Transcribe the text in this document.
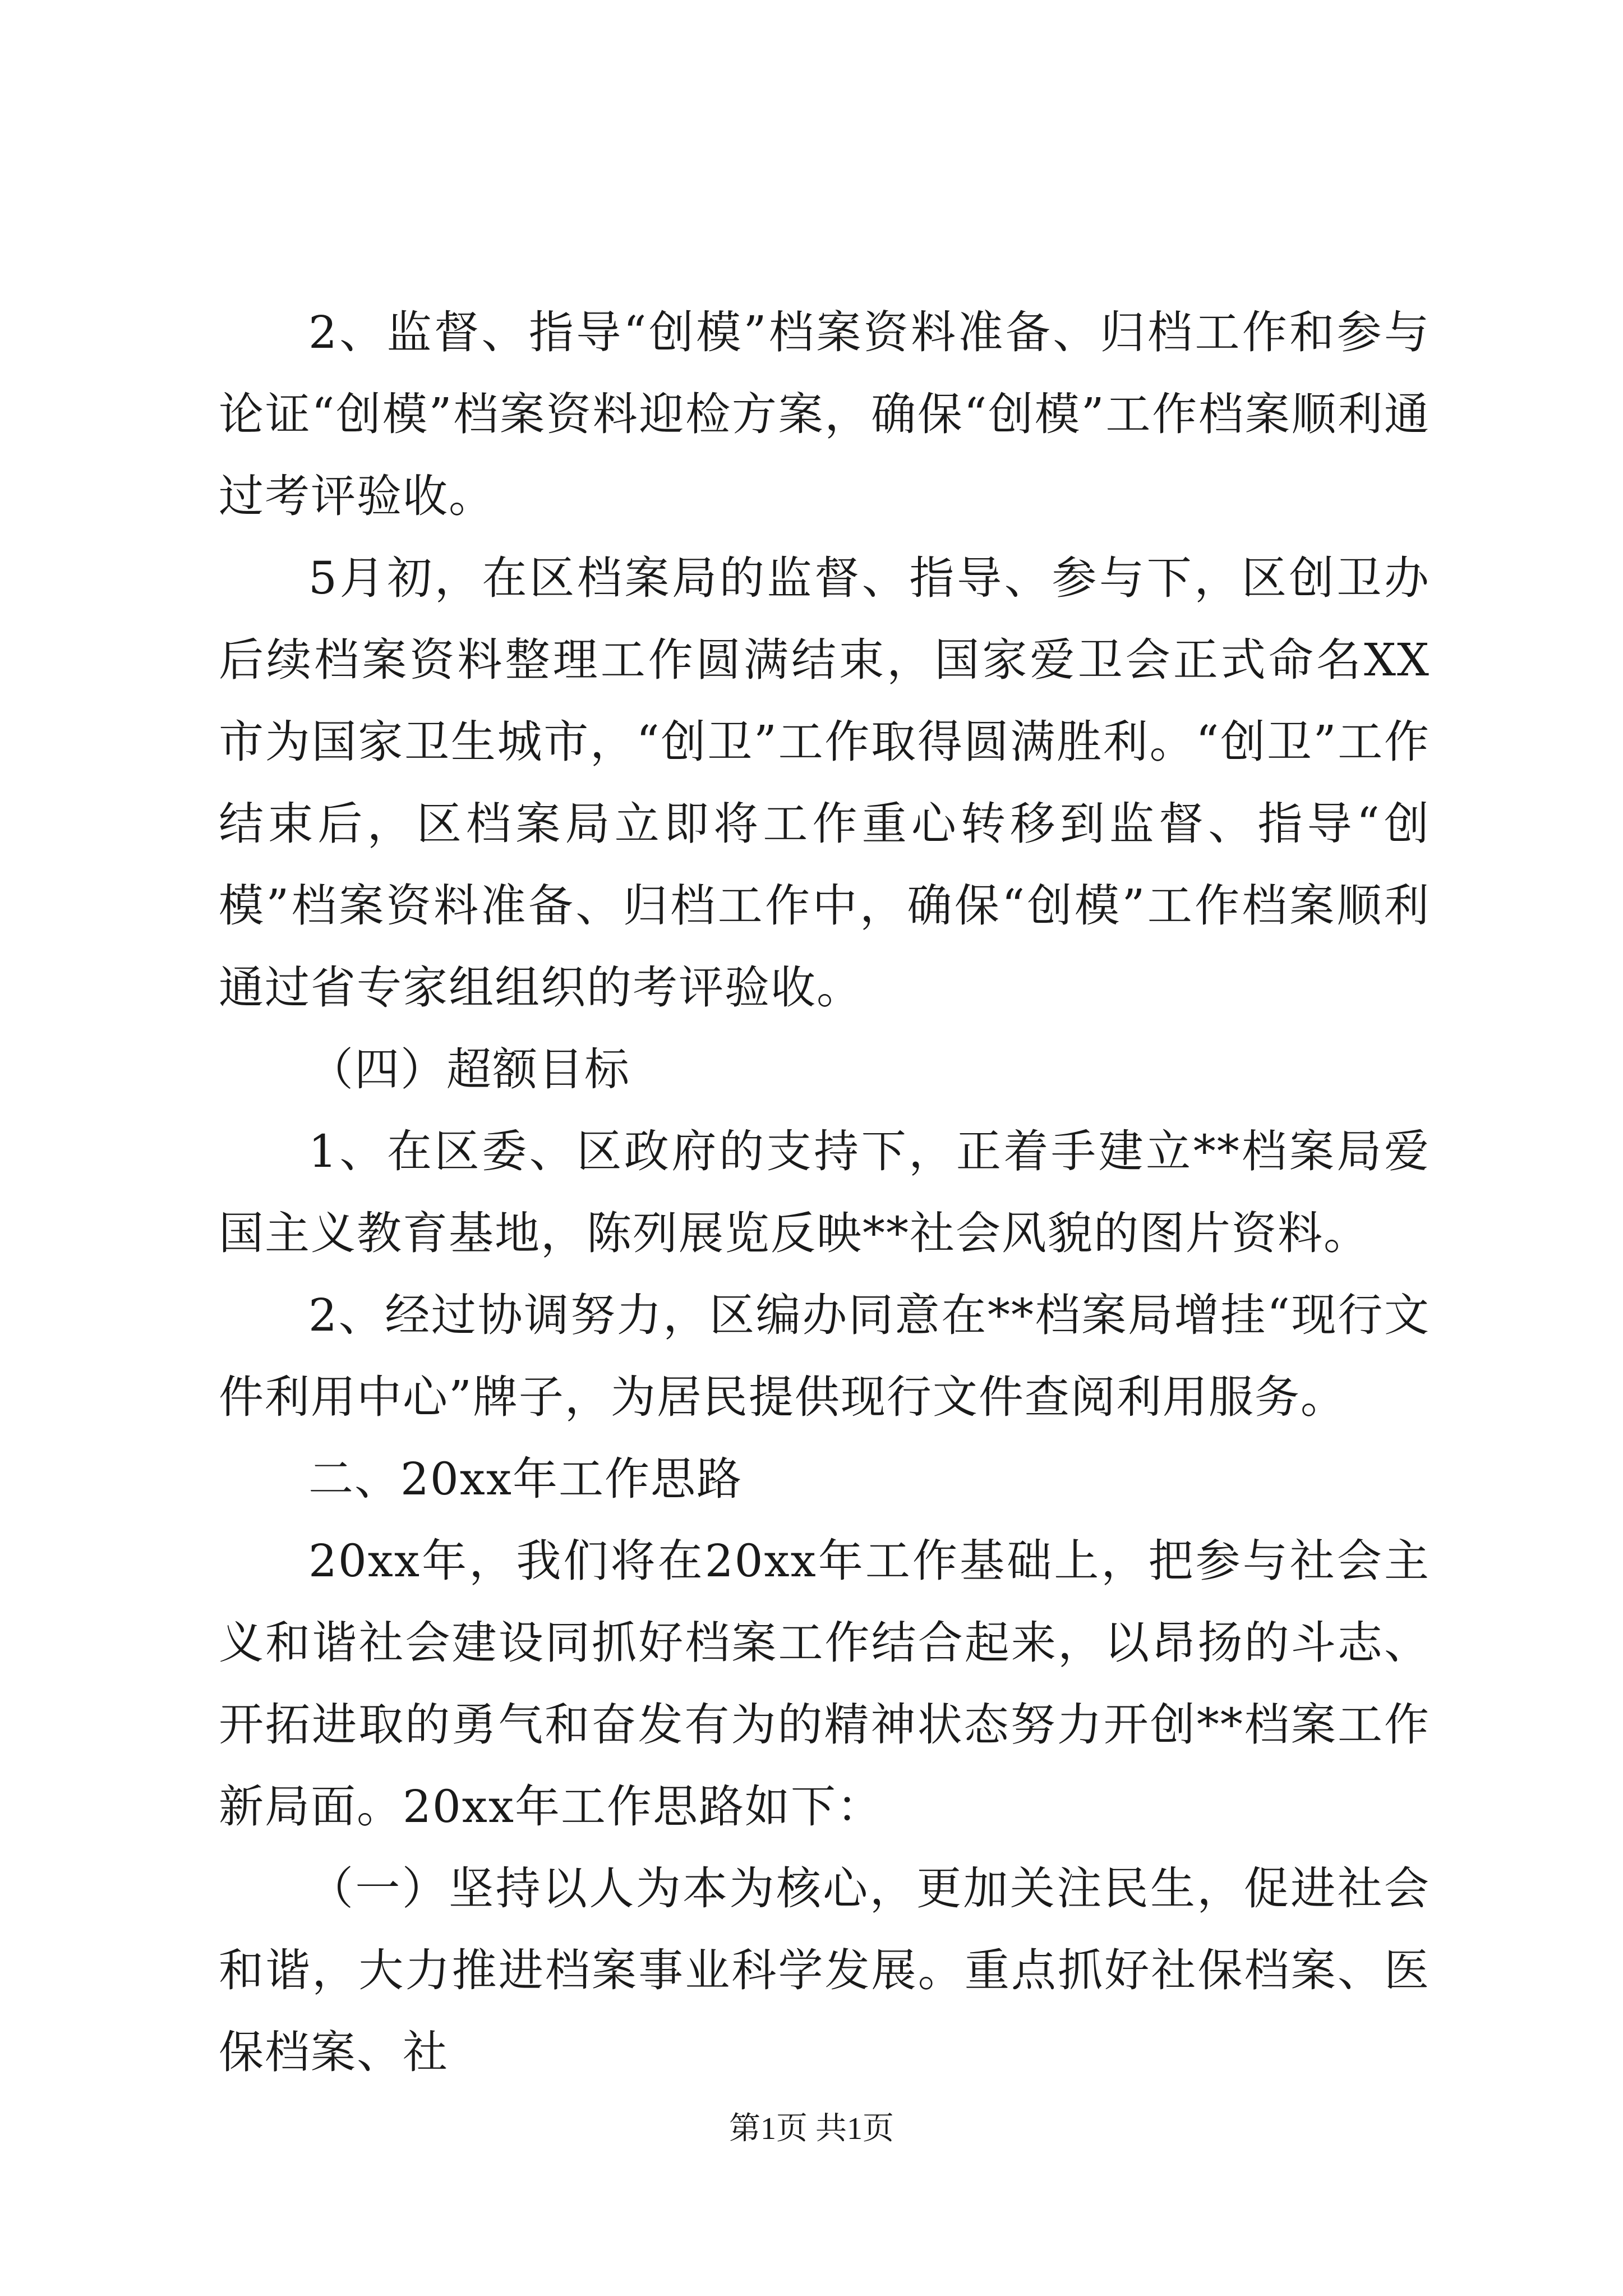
2、监督、指导“创模”档案资料准备、归档工作和参与论证“创模”档案资料迎检方案，确保“创模”工作档案顺利通过考评验收。

5月初，在区档案局的监督、指导、参与下，区创卫办后续档案资料整理工作圆满结束，国家爱卫会正式命名XX市为国家卫生城市，“创卫”工作取得圆满胜利。“创卫”工作结束后，区档案局立即将工作重心转移到监督、指导“创模”档案资料准备、归档工作中，确保“创模”工作档案顺利通过省专家组组织的考评验收。

（四）超额目标

1、在区委、区政府的支持下，正着手建立**档案局爱国主义教育基地，陈列展览反映**社会风貌的图片资料。

2、经过协调努力，区编办同意在**档案局增挂“现行文件利用中心”牌子，为居民提供现行文件查阅利用服务。

二、20xx年工作思路

20xx年，我们将在20xx年工作基础上，把参与社会主义和谐社会建设同抓好档案工作结合起来，以昂扬的斗志、开拓进取的勇气和奋发有为的精神状态努力开创**档案工作新局面。20xx年工作思路如下：

（一）坚持以人为本为核心，更加关注民生，促进社会和谐，大力推进档案事业科学发展。重点抓好社保档案、医保档案、社

第1页 共1页
